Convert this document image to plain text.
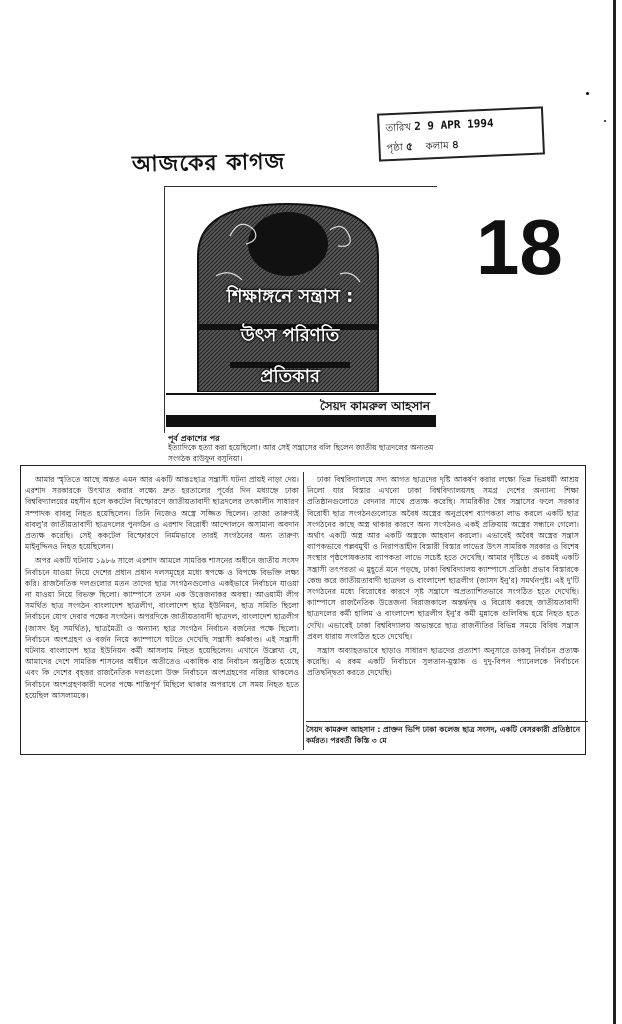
তারিখ 2 9 APR 1994
পৃষ্ঠা ৫ কলাম ৪
আজকের কাগজ
18
শিক্ষাঙ্গনে সন্ত্রাস :
উৎস পরিণতি
প্রতিকার
সৈয়দ কামরুল আহসান
পূর্ব প্রকাশের পর
ইত্যাদিকে হত্যা করা হয়েছিলো। আর সেই সন্ত্রাসের বলি ছিলেন জাতীয় ছাত্রদলের অন্যতম সংগঠক রাউফুন বসুনিয়া।

আমার স্মৃতিতে আছে অন্তত এমন আর একটি আন্তঃছাত্র সন্ত্রাসী ঘটনা প্রায়ই নাড়া দেয়। এরশাদ সরকারকে উৎখাত করার লক্ষ্যে দ্রুত হরতালের পূর্বের দিন মধ্যাহ্নে ঢাকা বিশ্ববিদ্যালয়ের মহসীন হলে ককটেল বিস্ফোরণে জাতীয়তাবাদী ছাত্রদলের তৎকালীন সাধারণ সম্পাদক বাবলু নিহত হয়েছিলেন। তিনি নিজেও অস্ত্রে সজ্জিত ছিলেন। তাজা তারুণ্যই বাবলু'র জাতীয়তাবাদী ছাত্রদলের পুনর্গঠন ও এরশাদ বিরোধী আন্দোলনে অসামান্য অবদান প্রত্যক্ষ করেছি। সেই ককটেল বিস্ফোরণে নির্মমভাবে তারই সংগঠনের অন্য তারুণ্য মাইনুদ্দিনও নিহত হয়েছিলেন।

অপর একটি ঘটনায় ১৯৮৬ সালে এরশাদ আমলে সামরিক শাসনের অধীনে জাতীয় সংসদ নির্বাচনে যাওয়া নিয়ে দেশের প্রধান প্রধান দলসমূহের মধ্যে স্বপক্ষে ও বিপক্ষে বিভক্তি লক্ষ্য করি। রাজনৈতিক দলগুলোর মতন তাদের ছাত্র সংগঠনগুলোও একইভাবে নির্বাচনে যাওয়া না যাওয়া নিয়ে বিভক্ত ছিলো। ক্যাম্পাসে তখন এক উত্তেজনাকর অবস্থা। আওয়ামী লীগ সমর্থিত ছাত্র সংগঠন বাংলাদেশ ছাত্রলীগ, বাংলাদেশ ছাত্র ইউনিয়ন, ছাত্র সমিতি ছিলো নির্বাচনে যোগ দেবার পক্ষের সংগঠন। অপরদিকে জাতীয়তাবাদী ছাত্রদল, বাংলাদেশ ছাত্রলীগ (জাসদ ইনু সমর্থিত), ছাত্রমৈত্রী ও অন্যান্য ছাত্র সংগঠন নির্বাচন বর্জনের পক্ষে ছিলো। নির্বাচনে অংশগ্রহণ ও বর্জন নিয়ে ক্যাম্পাসে ঘটতে দেখেছি সন্ত্রাসী কর্মকাণ্ড। এই সন্ত্রাসী ঘটনায় বাংলাদেশ ছাত্র ইউনিয়ন কর্মী আসলাম নিহত হয়েছিলেন। এখানে উল্লেখ্য যে, আমাদের দেশে সামরিক শাসনের অধীনে অতীতেও একাধিক বার নির্বাচন অনুষ্ঠিত হয়েছে এবং কি দেশের বৃহত্তর রাজনৈতিক দলগুলো উক্ত নির্বাচনে অংশগ্রহণের নজির থাকলেও নির্বাচনে অংশগ্রহণকারী দলের পক্ষে শান্তিপূর্ণ মিছিলে থাকার অপরাধে সে সময় নিহত হতে হয়েছিল আসলামকে।

ঢাকা বিশ্ববিদ্যালয়ে সদ্য আগত ছাত্রদের দৃষ্টি আকর্ষণ করার লক্ষ্যে ভিন্ন ভিন্নধর্মী আশ্রয় নিলো যার বিস্তার এখনো ঢাকা বিশ্ববিদ্যালয়সহ সমগ্র দেশের অন্যান্য শিক্ষা প্রতিষ্ঠানগুলোতে বেদনার সাথে প্রত্যক্ষ করেছি। সামরিকীর স্বৈর সন্ত্রাসের ফলে সরকার বিরোধী ছাত্র সংগঠনগুলোতে অবৈধ অস্ত্রের অনুপ্রবেশ ব্যাপকতা লাভ করলে একটি ছাত্র সংগঠনের কাছে অস্ত্র থাকার কারণে অন্য সংগঠনও একই প্রক্রিয়ায় অস্ত্রের সন্ধানে গেলো। অর্থাৎ একটি অস্ত্র আর একটি অস্ত্রকে আহবান করলো। এভাবেই অবৈধ অস্ত্রের সন্ত্রাস ব্যাপকভাবে পল্লবমুখী ও নিরাপত্তাহীন বিস্তারী বিস্তার লাভের উৎস সামরিক সরকার ও বিশেষ সংস্থার পৃষ্ঠপোষকতায় ব্যাপকতা লাভে সচেষ্ট হতে দেখেছি। আমার দৃষ্টিতে এ রকমই একটি সন্ত্রাসী তৎপরতা এ মুহূর্তে মনে পড়ছে, ঢাকা বিশ্ববিদ্যালয় ক্যাম্পাসে প্রতিষ্ঠা প্রভাব বিস্তারকে কেন্দ্র করে জাতীয়তাবাদী ছাত্রদল ও বাংলাদেশ ছাত্রলীগ (জাসদ ইনু'র) সমর্থনপুষ্ট। এই দু'টি সংগঠনের মধ্যে বিরোধের কারণে সৃষ্ট সন্ত্রাসে অপ্রত্যাশিতভাবে সংগঠিত হতে দেখেছি। ক্যাম্পাসে রাজনৈতিক উত্তেজনা বিরাজকালে অন্তর্দ্বন্দ্ব ও বিরোধ করছে জাতীয়তাবাদী ছাত্রদলের কর্মী হালিম ও বাংলাদেশ ছাত্রলীগ ইনু'র কর্মী মুন্নাকে গুলিবিদ্ধ হয়ে নিহত হতে দেখি। এভাবেই ঢাকা বিশ্ববিদ্যালয় অভ্যন্তরে ছাত্র রাজনীতির বিভিন্ন সময়ে বিবিধ সন্ত্রাস প্রবল ধারায় সংগঠিত হতে দেখেছি।

সন্ত্রাস অব্যাহতভাবে ছাড়াও সাধারণ ছাত্রদের প্রত্যাশা অনুসারে ডাকসু নির্বাচন প্রত্যক্ষ করেছি। এ রকম একটি নির্বাচনে সুলতান-মুস্তাক ও দুদু-বিপন প্যানেলকে নির্বাচনে প্রতিদ্বন্দ্বিতা করতে দেখেছি।

সৈয়দ কামরুল আহসান : প্রাক্তন ভিপি ঢাকা কলেজ ছাত্র সংসদ, একটি বেসরকারী প্রতিষ্ঠানে কর্মরত। পরবর্তী কিস্তি ৩ মে
